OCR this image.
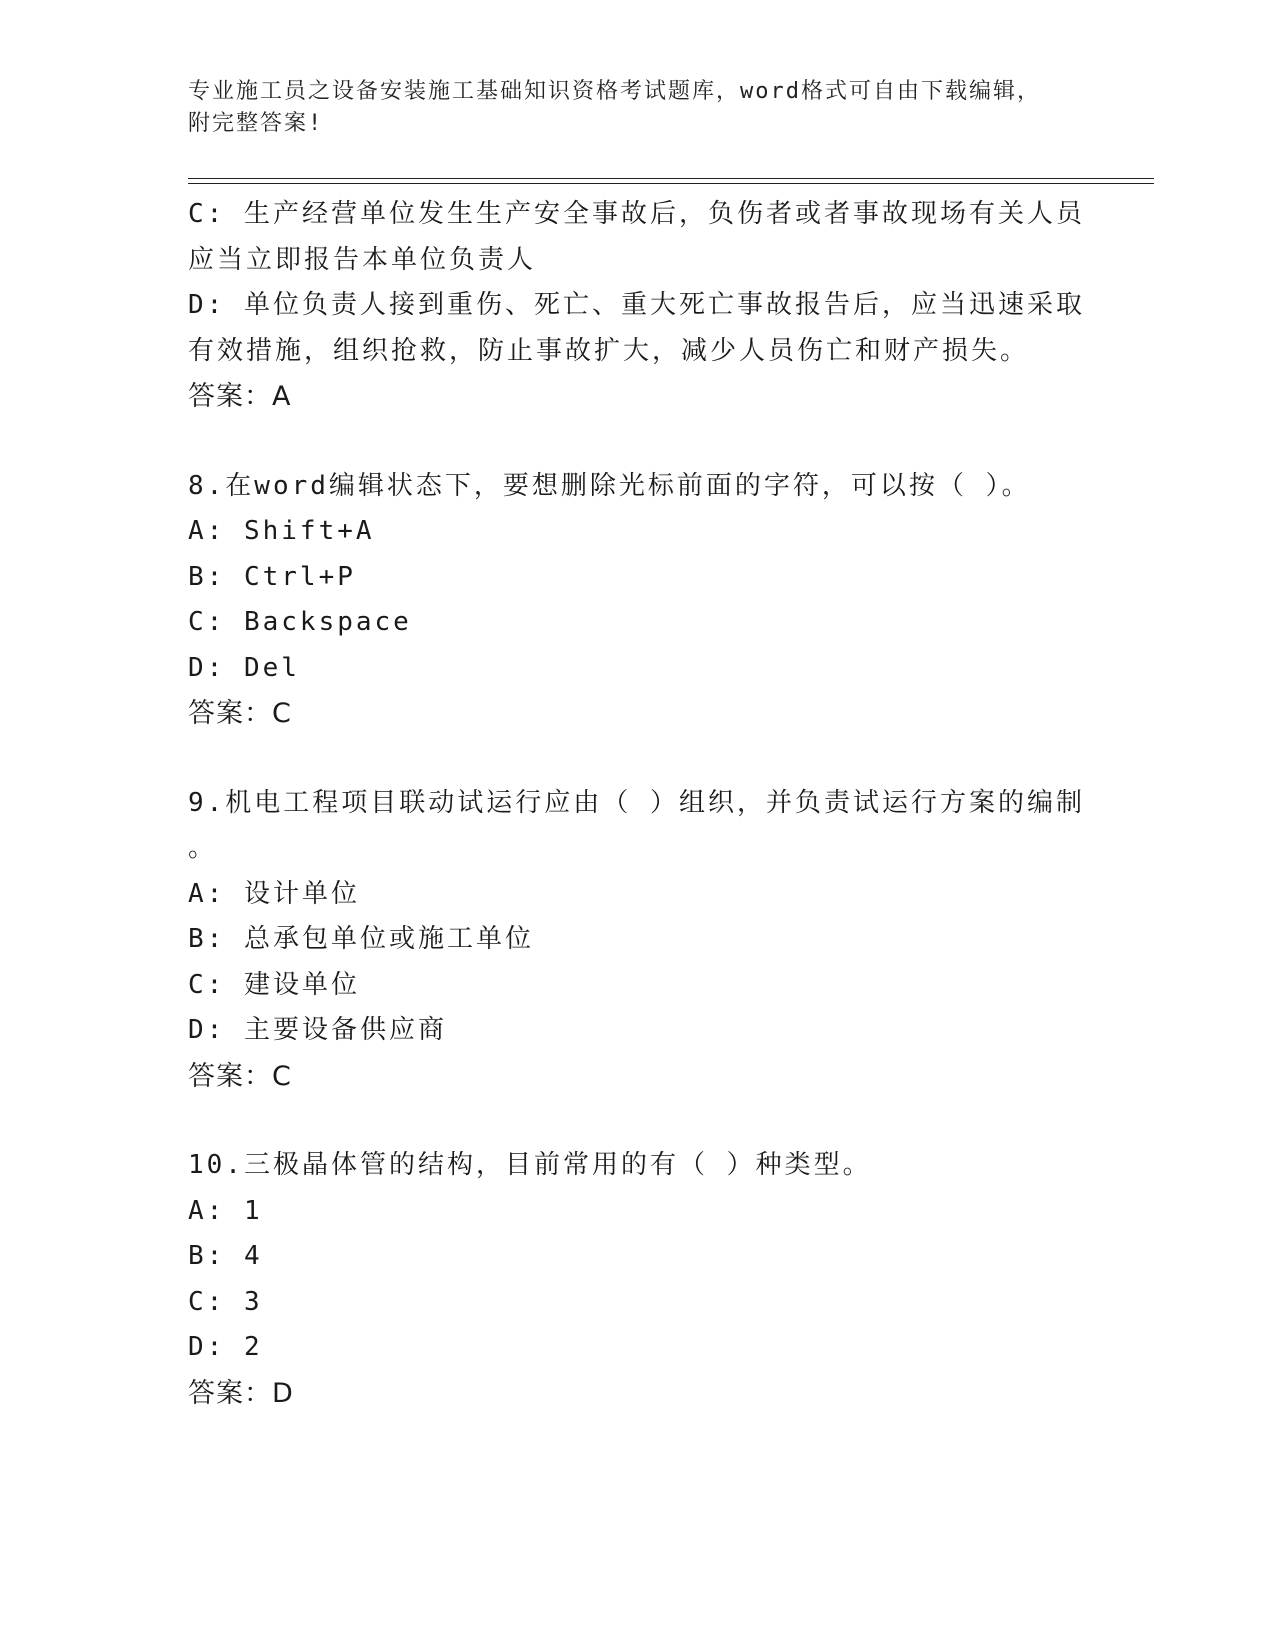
专业施工员之设备安装施工基础知识资格考试题库，word格式可自由下载编辑，
附完整答案!
C: 生产经营单位发生生产安全事故后，负伤者或者事故现场有关人员
应当立即报告本单位负责人
D: 单位负责人接到重伤、死亡、重大死亡事故报告后，应当迅速采取
有效措施，组织抢救，防止事故扩大，减少人员伤亡和财产损失。
答案：A
8.在word编辑状态下，要想删除光标前面的字符，可以按（ ）。
A: Shift+A
B: Ctrl+P
C: Backspace
D: Del
答案：C
9.机电工程项目联动试运行应由（ ）组织，并负责试运行方案的编制
。
A: 设计单位
B: 总承包单位或施工单位
C: 建设单位
D: 主要设备供应商
答案：C
10.三极晶体管的结构，目前常用的有（ ）种类型。
A: 1
B: 4
C: 3
D: 2
答案：D
